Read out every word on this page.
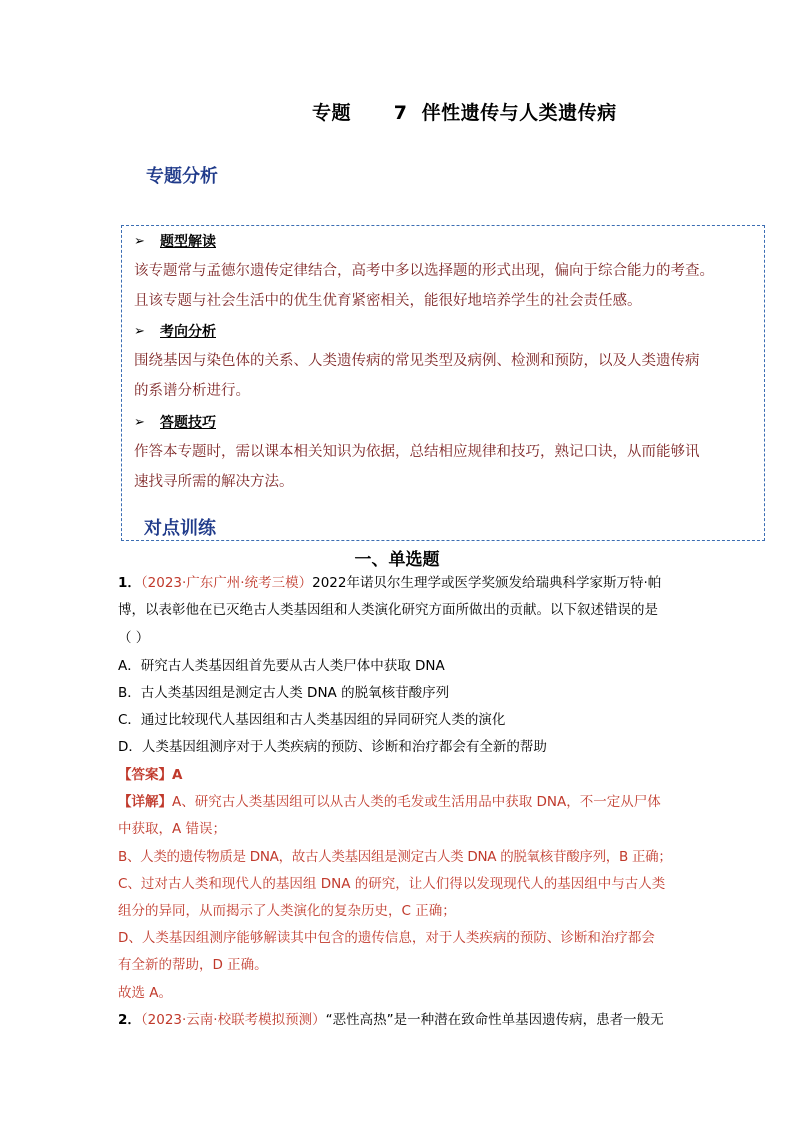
专题      7  伴性遗传与人类遗传病
专题分析
➢	题型解读
该专题常与孟德尔遗传定律结合，高考中多以选择题的形式出现，偏向于综合能力的考查。
且该专题与社会生活中的优生优育紧密相关，能很好地培养学生的社会责任感。
➢	考向分析
围绕基因与染色体的关系、人类遗传病的常见类型及病例、检测和预防，以及人类遗传病
的系谱分析进行。
➢	答题技巧
作答本专题时，需以课本相关知识为依据，总结相应规律和技巧，熟记口诀，从而能够讯
速找寻所需的解决方法。
对点训练
一、单选题
1．（2023·广东广州·统考三模）2022年诺贝尔生理学或医学奖颁发给瑞典科学家斯万特·帕
博，以表彰他在已灭绝古人类基因组和人类演化研究方面所做出的贡献。以下叙述错误的是
（ ）
A．研究古人类基因组首先要从古人类尸体中获取 DNA
B．古人类基因组是测定古人类 DNA 的脱氧核苷酸序列
C．通过比较现代人基因组和古人类基因组的异同研究人类的演化
D．人类基因组测序对于人类疾病的预防、诊断和治疗都会有全新的帮助
【答案】A
【详解】A、研究古人类基因组可以从古人类的毛发或生活用品中获取 DNA，不一定从尸体
中获取，A 错误；
B、人类的遗传物质是 DNA，故古人类基因组是测定古人类 DNA 的脱氧核苷酸序列，B 正确；
C、过对古人类和现代人的基因组 DNA 的研究，让人们得以发现现代人的基因组中与古人类
组分的异同，从而揭示了人类演化的复杂历史，C 正确；
D、人类基因组测序能够解读其中包含的遗传信息，对于人类疾病的预防、诊断和治疗都会
有全新的帮助，D 正确。
故选 A。
2．（2023·云南·校联考模拟预测）“恶性高热”是一种潜在致命性单基因遗传病，患者一般无
